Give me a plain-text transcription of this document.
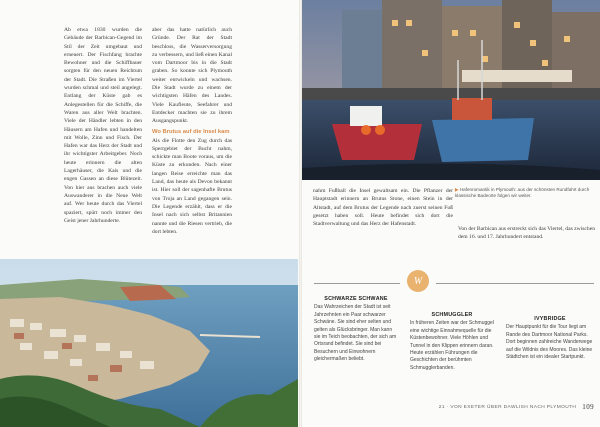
Ab etwa 1830 wurden die Gebäude der Barbican-Gegend im Stil der Zeit umgebaut und erneuert. Der Fischfang brachte Bewohner und die Schiffbauer sorgten für den neuen Reichtum der Stadt. Die Straßen im Viertel wurden schmal und steil angelegt. Entlang der Küste gab es Anlegestellen für die Schiffe, die Waren aus aller Welt brachten. Viele der Händler lebten in den Häusern am Hafen und handelten mit Wolle, Zinn und Fisch. Der Hafen war das Herz der Stadt und ihr wichtigster Arbeitgeber. Noch heute erinnern die alten Lagerhäuser, die Kais und die engen Gassen an diese Blütezeit. Von hier aus brachen auch viele Auswanderer in die Neue Welt auf. Wer heute durch das Viertel spaziert, spürt noch immer den Geist jener Jahrhunderte.

aber das hatte natürlich auch Gründe. Der Rat der Stadt beschloss, die Wasserversorgung zu verbessern, und ließ einen Kanal vom Dartmoor bis in die Stadt graben. So konnte sich Plymouth weiter entwickeln und wachsen. Die Stadt wurde zu einem der wichtigsten Häfen des Landes. Viele Kaufleute, Seefahrer und Entdecker machten sie zu ihrem Ausgangspunkt.

Wo Brutus auf die Insel kam

Als die Flotte den Zug durch das Sperrgebiet der Bucht nahm, schickte man Boote voraus, um die Küste zu erkunden. Nach einer langen Reise erreichte man das Land, das heute als Devon bekannt ist. Hier soll der sagenhafte Brutus von Troja an Land gegangen sein. Die Legende erzählt, dass er die Insel nach sich selbst Britannien nannte und die Riesen vertrieb, die dort lebten.

▶ Hafenromantik in Plymouth: aus der schönsten Rundfahrt durch klassische Badeorte folgen wir weiter.

nahm Fußball die Insel gewaltsam ein. Die Pflanzer der Hauptstadt erinnern an Brutus Stone, einen Stein in der Altstadt, auf dem Brutus der Legende nach zuerst seinen Fuß gesetzt haben soll. Heute befindet sich dort die Stadtverwaltung und das Herz der Hafenstadt.

Von der Barbican aus erstreckt sich das Viertel, das zwischen dem 16. und 17. Jahrhundert entstand.

W
SCHWARZE SCHWÄNE

Das Wahrzeichen der Stadt ist seit Jahrzehnten ein Paar schwarzer Schwäne. Sie sind eher selten und gelten als Glücksbringer. Man kann sie im Teich beobachten, der sich am Ortsrand befindet. Sie sind bei Besuchern und Einwohnern gleichermaßen beliebt.

SCHMUGGLER

In früheren Zeiten war der Schmuggel eine wichtige Einnahmequelle für die Küstenbewohner. Viele Höhlen und Tunnel in den Klippen erinnern daran. Heute erzählen Führungen die Geschichten der berühmten Schmugglerbanden.

IVYBRIDGE

Der Hauptpunkt für die Tour liegt am Rande des Dartmoor National Parks. Dort beginnen zahlreiche Wanderwege auf die Wildnis des Moores. Das kleine Städtchen ist ein idealer Startpunkt.

21 · VON EXETER ÜBER DAWLISH NACH PLYMOUTH 109
